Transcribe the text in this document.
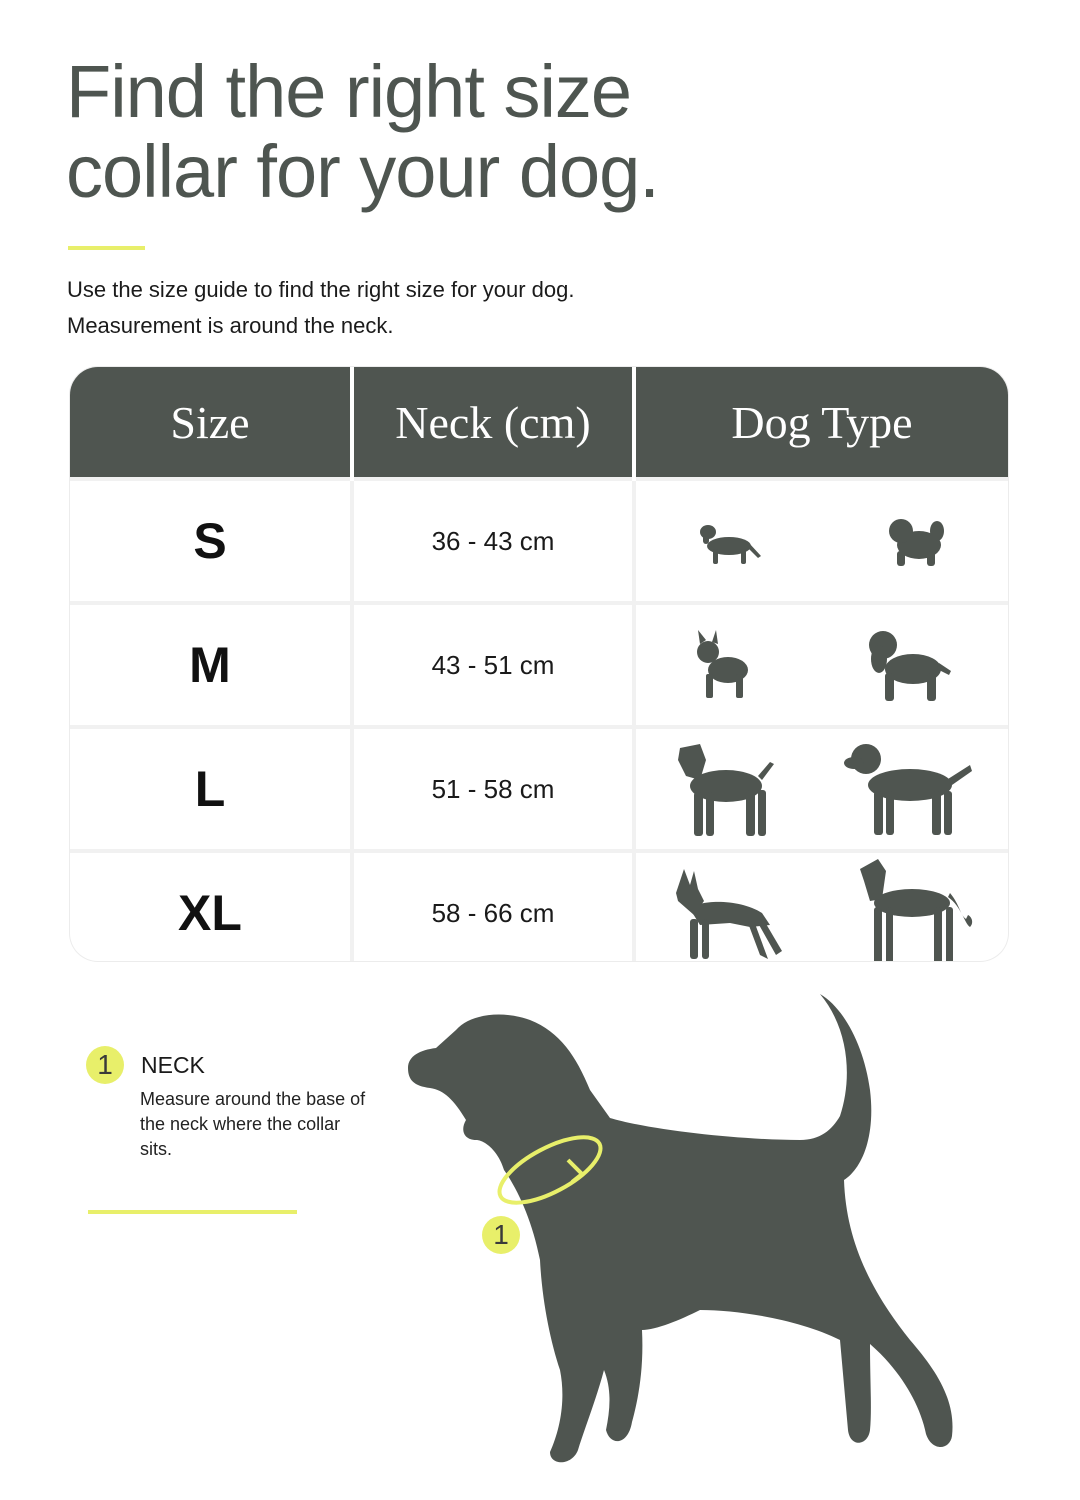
Find the right size
collar for your dog.
Use the size guide to find the right size for your dog.
Measurement is around the neck.
Size	Neck (cm)	Dog Type
S	36 - 43 cm	

M	43 - 51 cm	

L	51 - 58 cm	

XL	58 - 66 cm	
1	NECK
Measure around the base of the neck where the collar sits.
1
